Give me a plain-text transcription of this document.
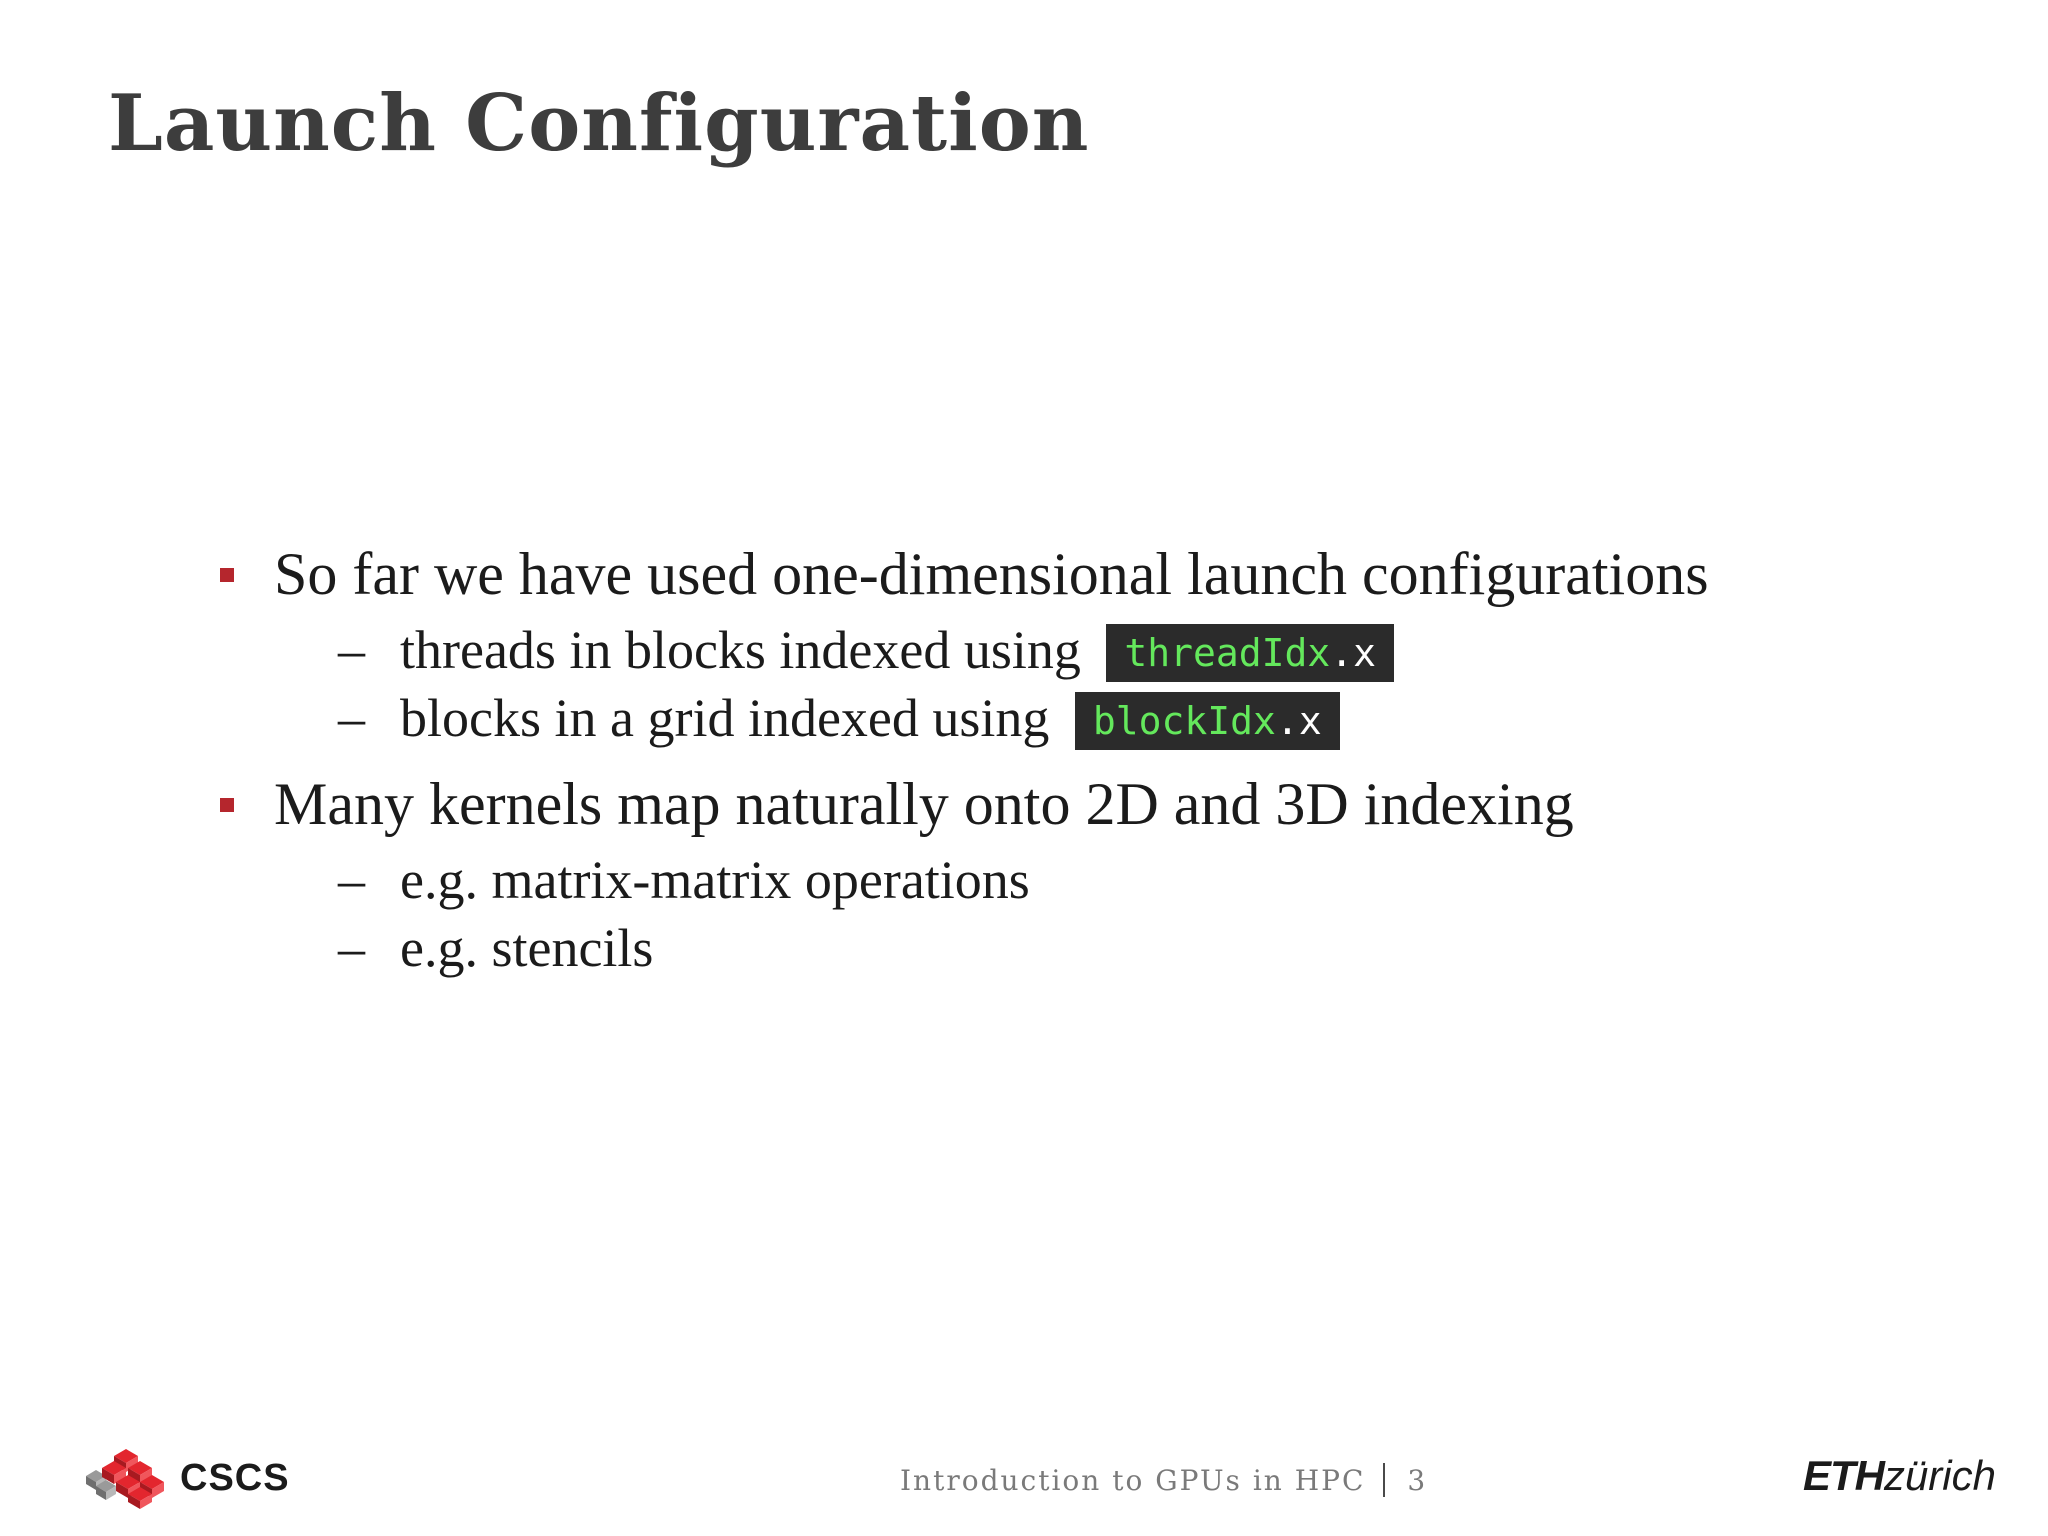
Launch Configuration
So far we have used one-dimensional launch configurations
– threads in blocks indexed using threadIdx.x
– blocks in a grid indexed using blockIdx.x
Many kernels map naturally onto 2D and 3D indexing
– e.g. matrix-matrix operations
– e.g. stencils
CSCS	Introduction to GPUs in HPC 3	ETHzürich
